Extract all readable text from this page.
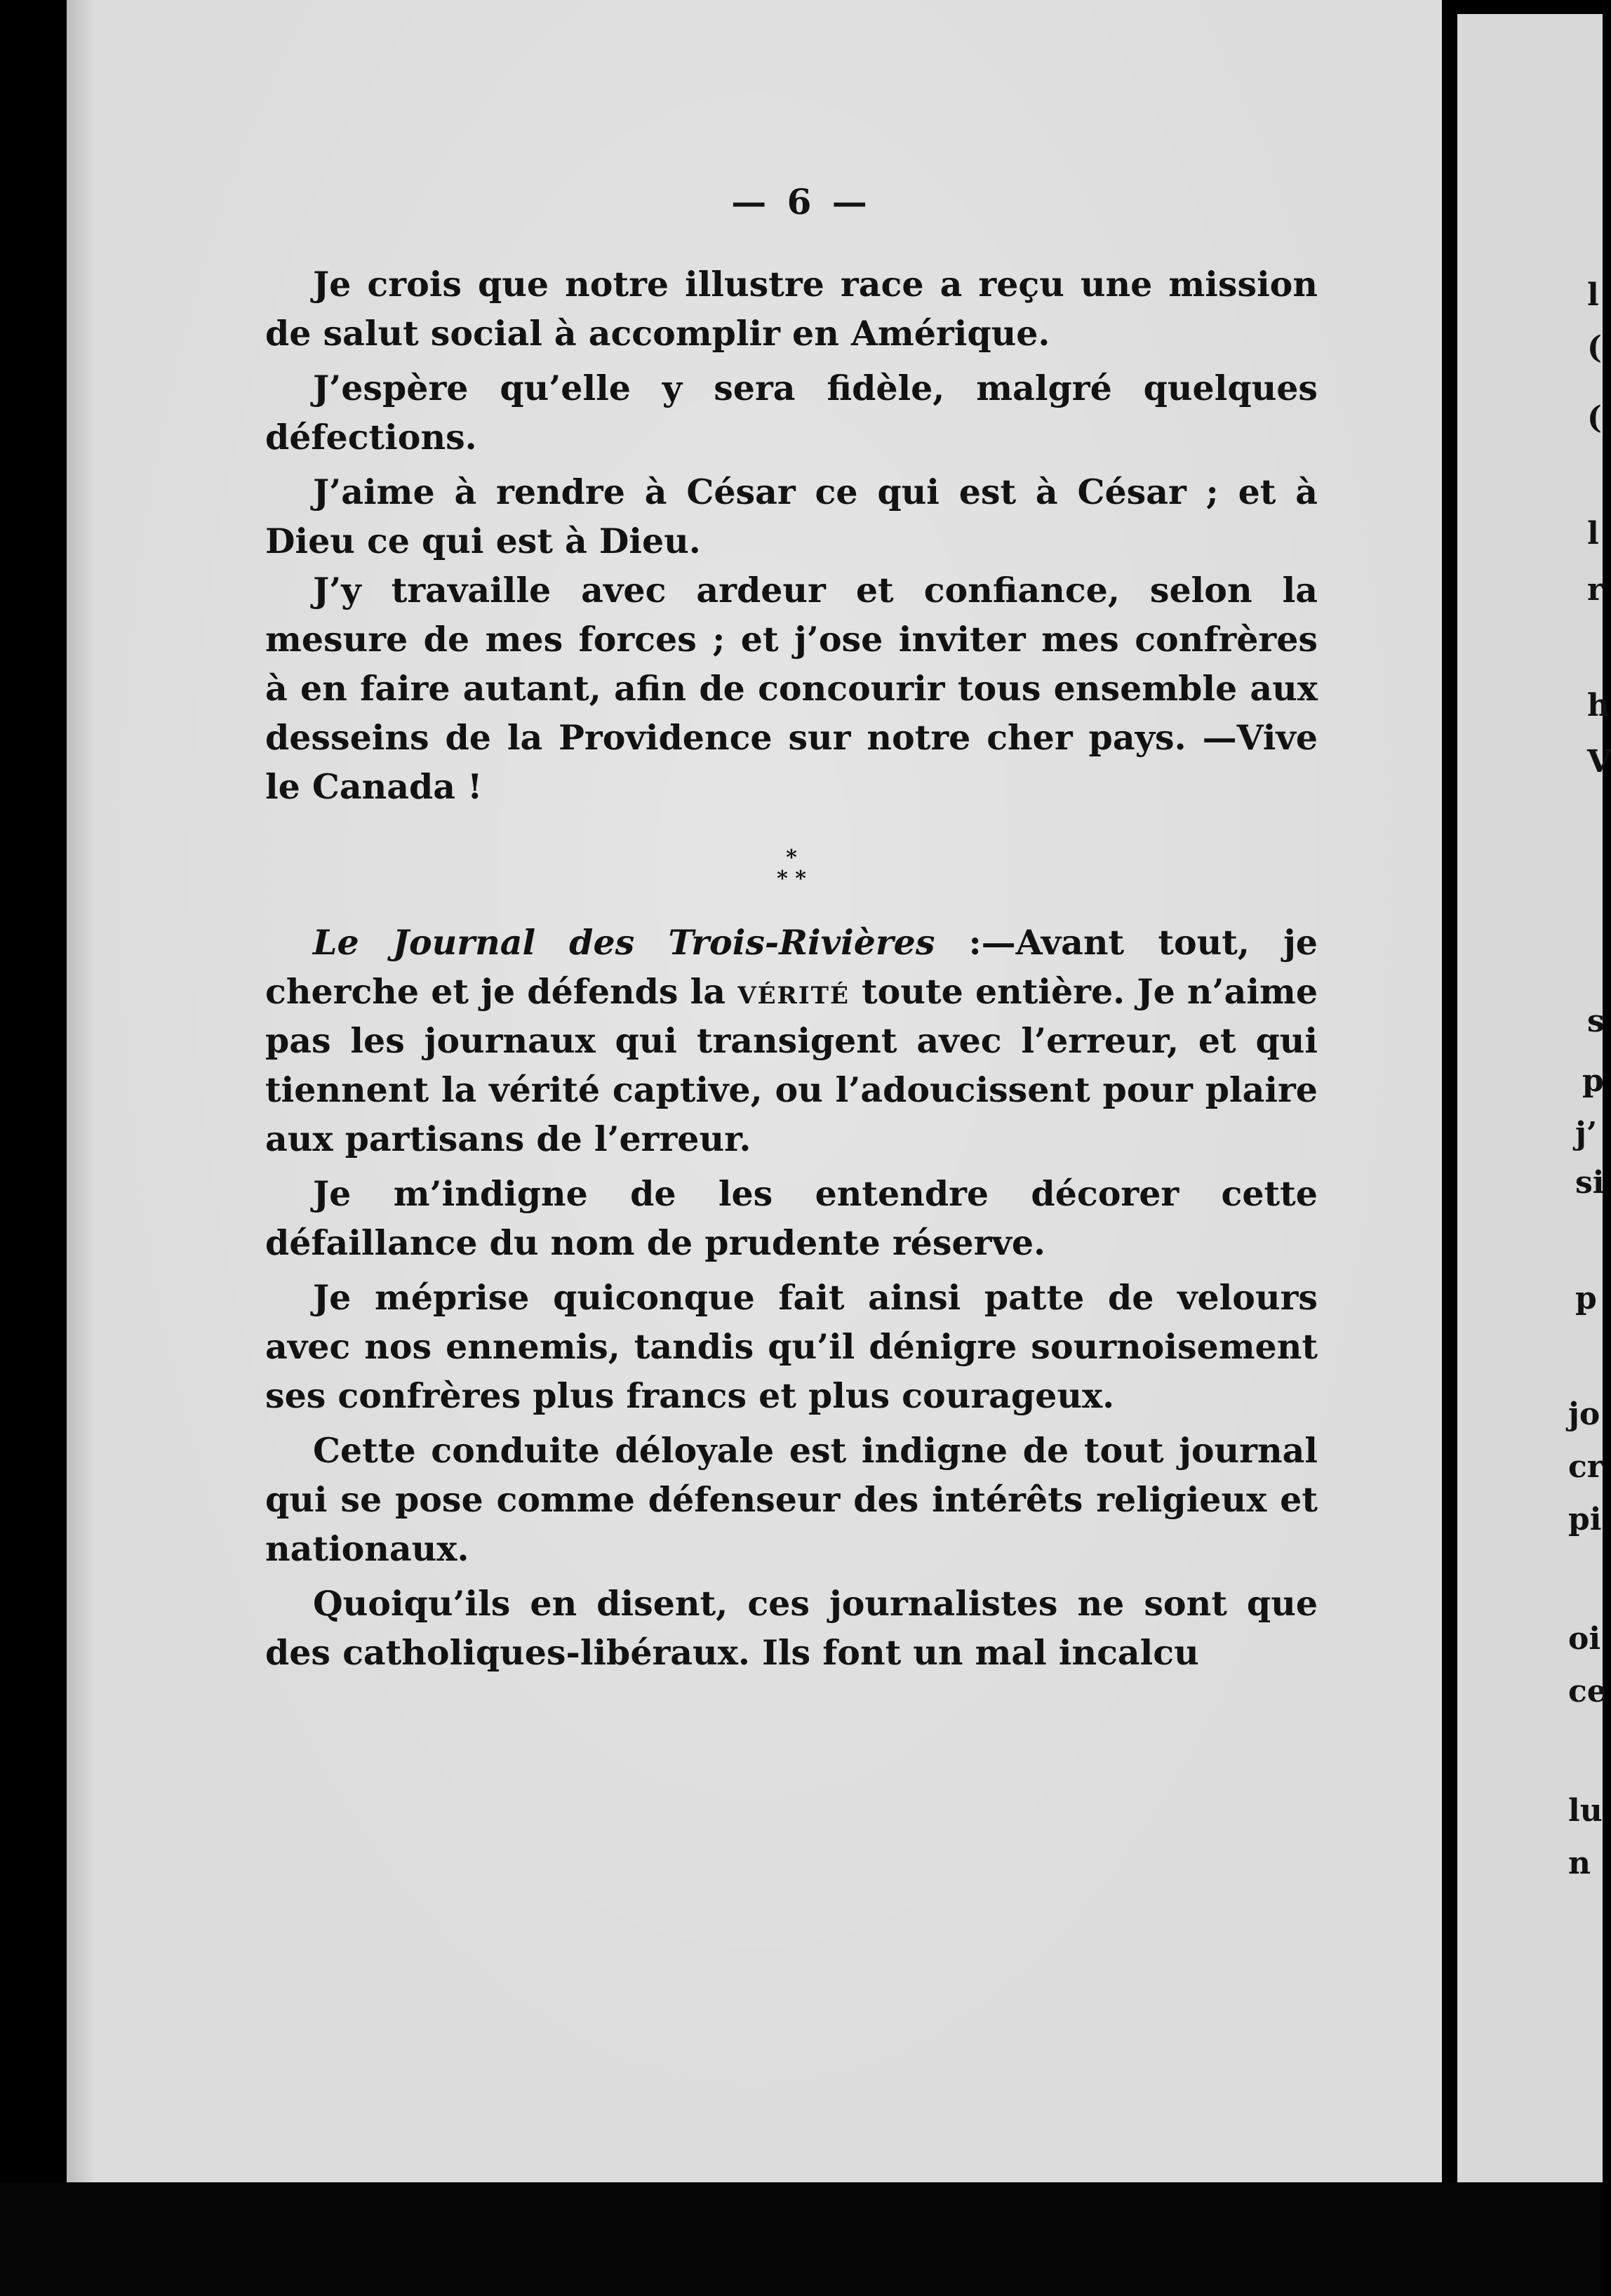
— 6 —

Je crois que notre illustre race a reçu une mission de salut social à accomplir en Amérique.

J’espère qu’elle y sera fidèle, malgré quelques défections.

J’aime à rendre à César ce qui est à César ; et à Dieu ce qui est à Dieu.

J’y travaille avec ardeur et confiance, selon la mesure de mes forces ; et j’ose inviter mes confrères à en faire autant, afin de concourir tous ensemble aux desseins de la Providence sur notre cher pays. —Vive le Canada !

*
* *

Le Journal des Trois-Rivières :—Avant tout, je cherche et je défends la vérité toute entière. Je n’aime pas les journaux qui transigent avec l’erreur, et qui tiennent la vérité captive, ou l’adoucissent pour plaire aux partisans de l’erreur.

Je m’indigne de les entendre décorer cette défaillance du nom de prudente réserve.

Je méprise quiconque fait ainsi patte de velours avec nos ennemis, tandis qu’il dénigre sournoisement ses confrères plus francs et plus courageux.

Cette conduite déloyale est indigne de tout journal qui se pose comme défenseur des intérêts religieux et nationaux.

Quoiqu’ils en disent, ces journalistes ne sont que des catholiques-libéraux. Ils font un mal incalcu

l
(
(
l
r
h
V
s
p
j’
si
p
jo
cr
pi
oi
ce
lu
n
